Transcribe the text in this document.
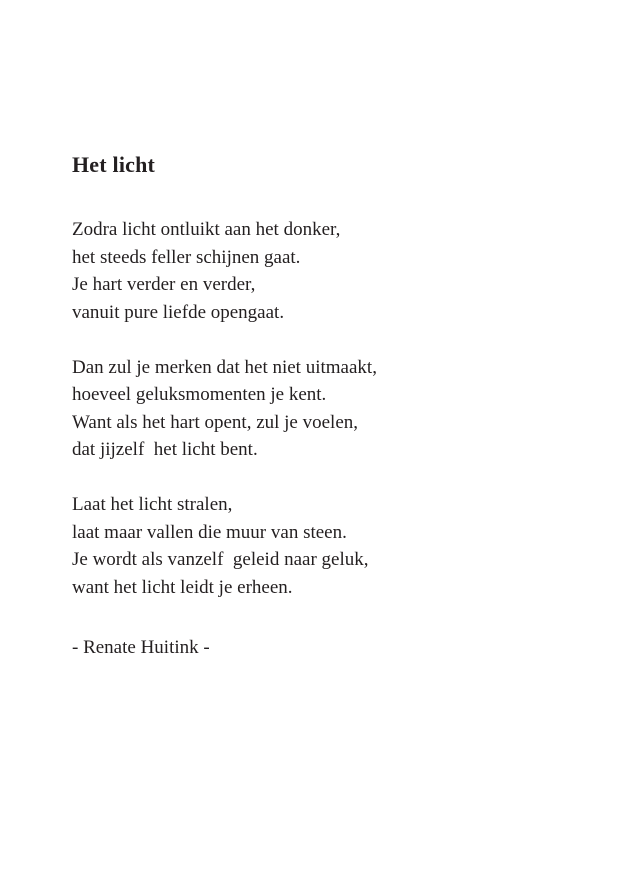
Het licht
Zodra licht ontluikt aan het donker,
het steeds feller schijnen gaat.
Je hart verder en verder,
vanuit pure liefde opengaat.
Dan zul je merken dat het niet uitmaakt,
hoeveel geluksmomenten je kent.
Want als het hart opent, zul je voelen,
dat jijzelf  het licht bent.
Laat het licht stralen,
laat maar vallen die muur van steen.
Je wordt als vanzelf  geleid naar geluk,
want het licht leidt je erheen.
- Renate Huitink -
